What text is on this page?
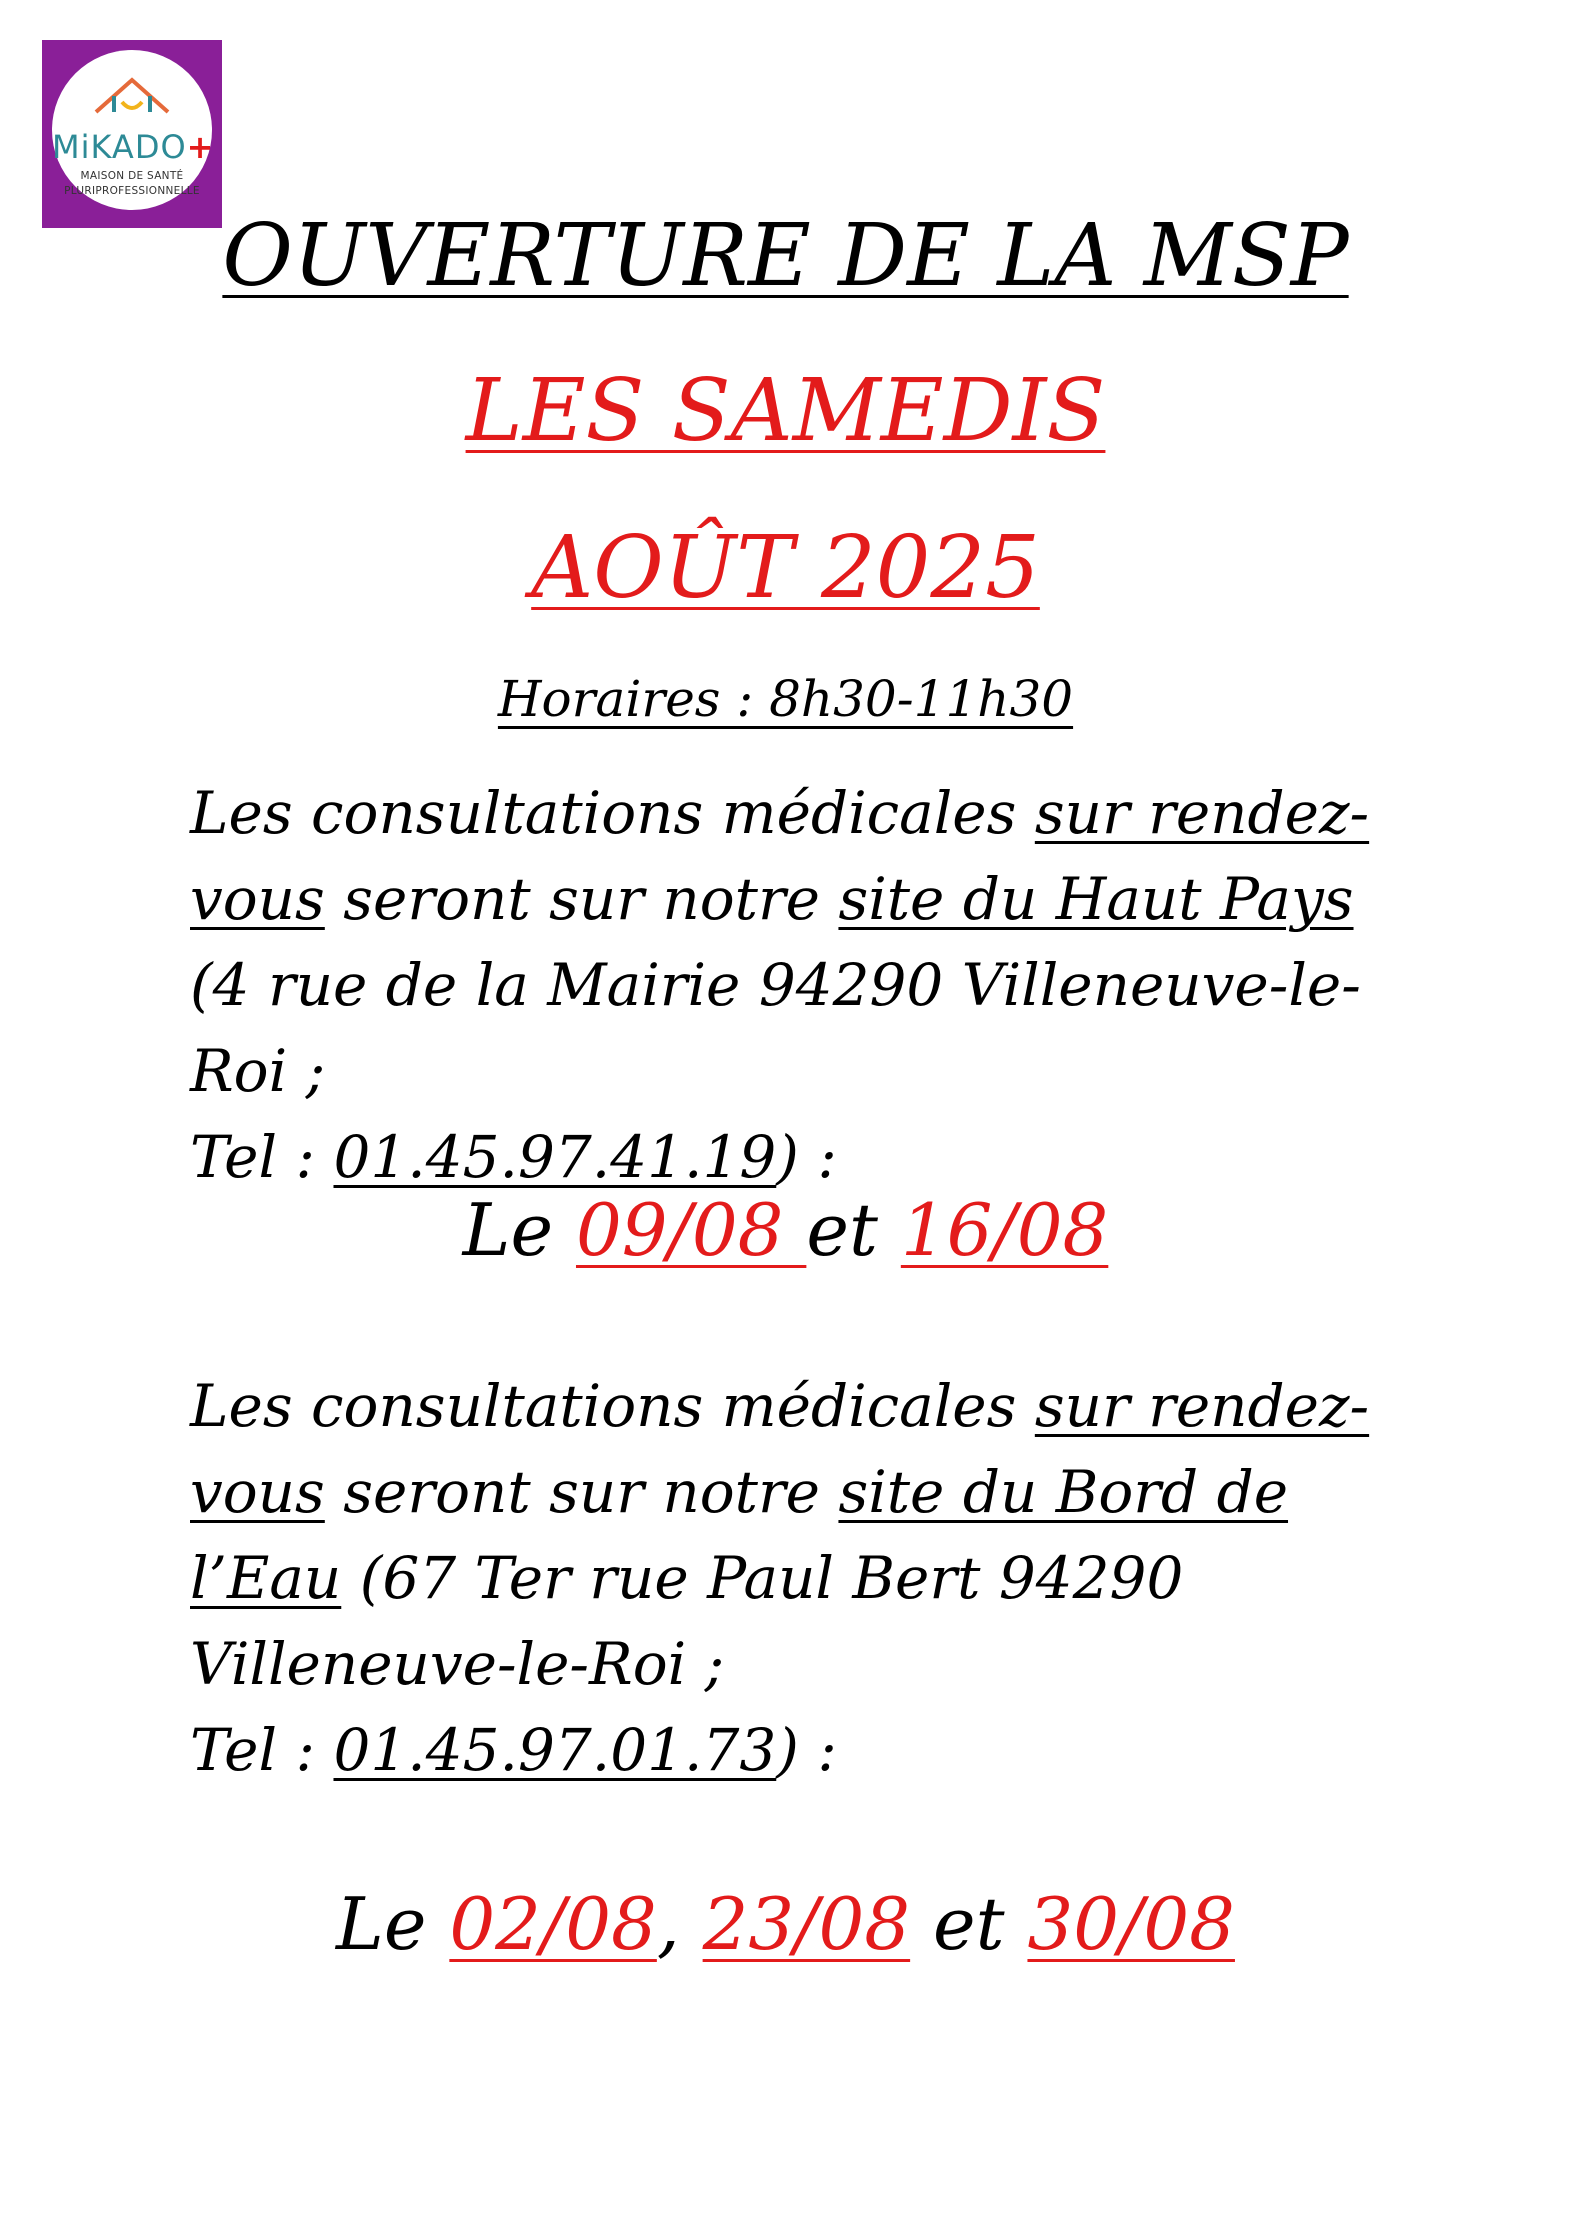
MiKADO+
MAISON DE SANTÉ
PLURIPROFESSIONNELLE
OUVERTURE DE LA MSP
LES SAMEDIS
AOÛT 2025
Horaires : 8h30-11h30
Les consultations médicales sur rendez-vous seront sur notre site du Haut Pays (4 rue de la Mairie 94290 Villeneuve-le-Roi ;
Tel : 01.45.97.41.19) :
Le 09/08 et 16/08
Les consultations médicales sur rendez-vous seront sur notre site du Bord de
l’Eau (67 Ter rue Paul Bert 94290 Villeneuve-le-Roi ;
Tel : 01.45.97.01.73) :
Le 02/08, 23/08 et 30/08
